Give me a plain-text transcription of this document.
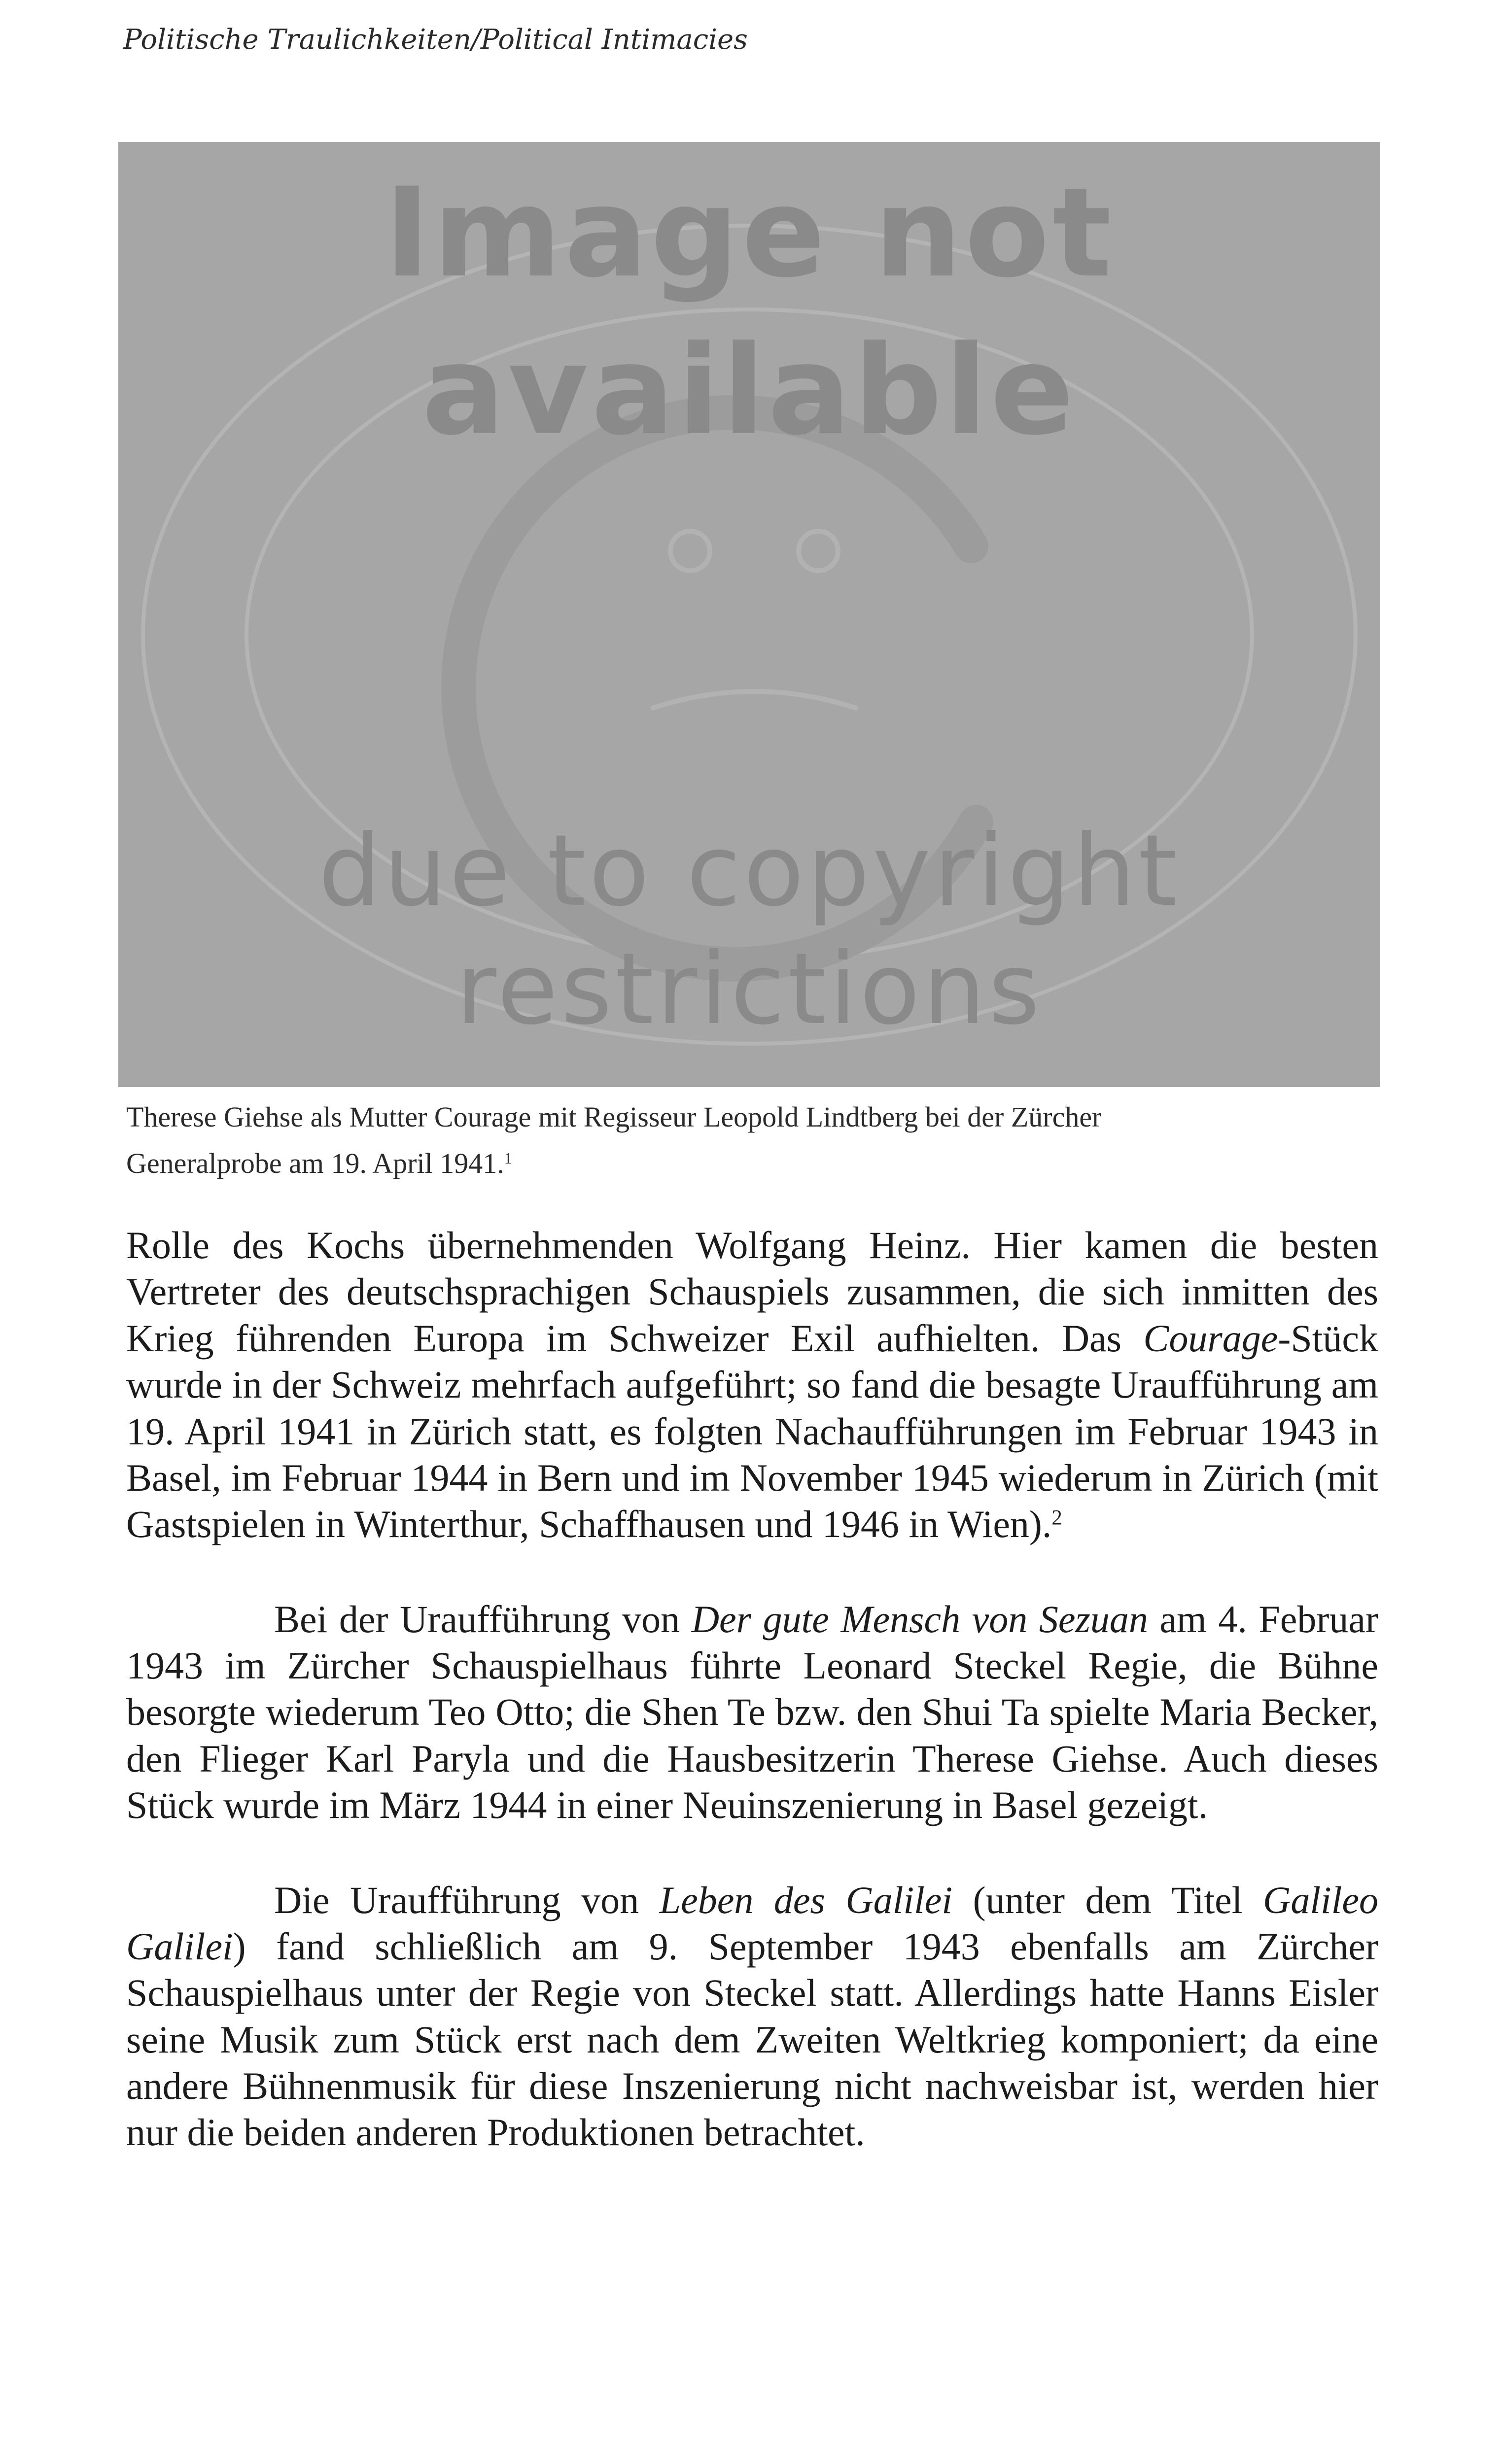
Politische Traulichkeiten/Political Intimacies
Image not
available
due to copyright
restrictions
Therese Giehse als Mutter Courage mit Regisseur Leopold Lindtberg bei der Zürcher
Generalprobe am 19. April 1941.$^1$

Rolle des Kochs übernehmenden Wolfgang Heinz. Hier kamen die besten Vertreter des deutschsprachigen Schauspiels zusammen, die sich inmitten des Krieg führenden Europa im Schweizer Exil aufhielten. Das Courage-Stück wurde in der Schweiz mehrfach aufgeführt; so fand die besagte Uraufführung am 19. April 1941 in Zürich statt, es folgten Nachaufführungen im Februar 1943 in Basel, im Februar 1944 in Bern und im November 1945 wiederum in Zürich (mit Gastspielen in Winterthur, Schaffhausen und 1946 in Wien).$^2$

Bei der Uraufführung von Der gute Mensch von Sezuan am 4. Februar 1943 im Zürcher Schauspielhaus führte Leonard Steckel Regie, die Bühne besorgte wiederum Teo Otto; die Shen Te bzw. den Shui Ta spielte Maria Becker, den Flieger Karl Paryla und die Hausbesitzerin Therese Giehse. Auch dieses Stück wurde im März 1944 in einer Neuinszenierung in Basel gezeigt.

Die Uraufführung von Leben des Galilei (unter dem Titel Galileo Galilei) fand schließlich am 9. September 1943 ebenfalls am Zürcher Schauspielhaus unter der Regie von Steckel statt. Allerdings hatte Hanns Eisler seine Musik zum Stück erst nach dem Zweiten Weltkrieg komponiert; da eine andere Bühnenmusik für diese Inszenierung nicht nachweisbar ist, werden hier nur die beiden anderen Produktionen betrachtet.
